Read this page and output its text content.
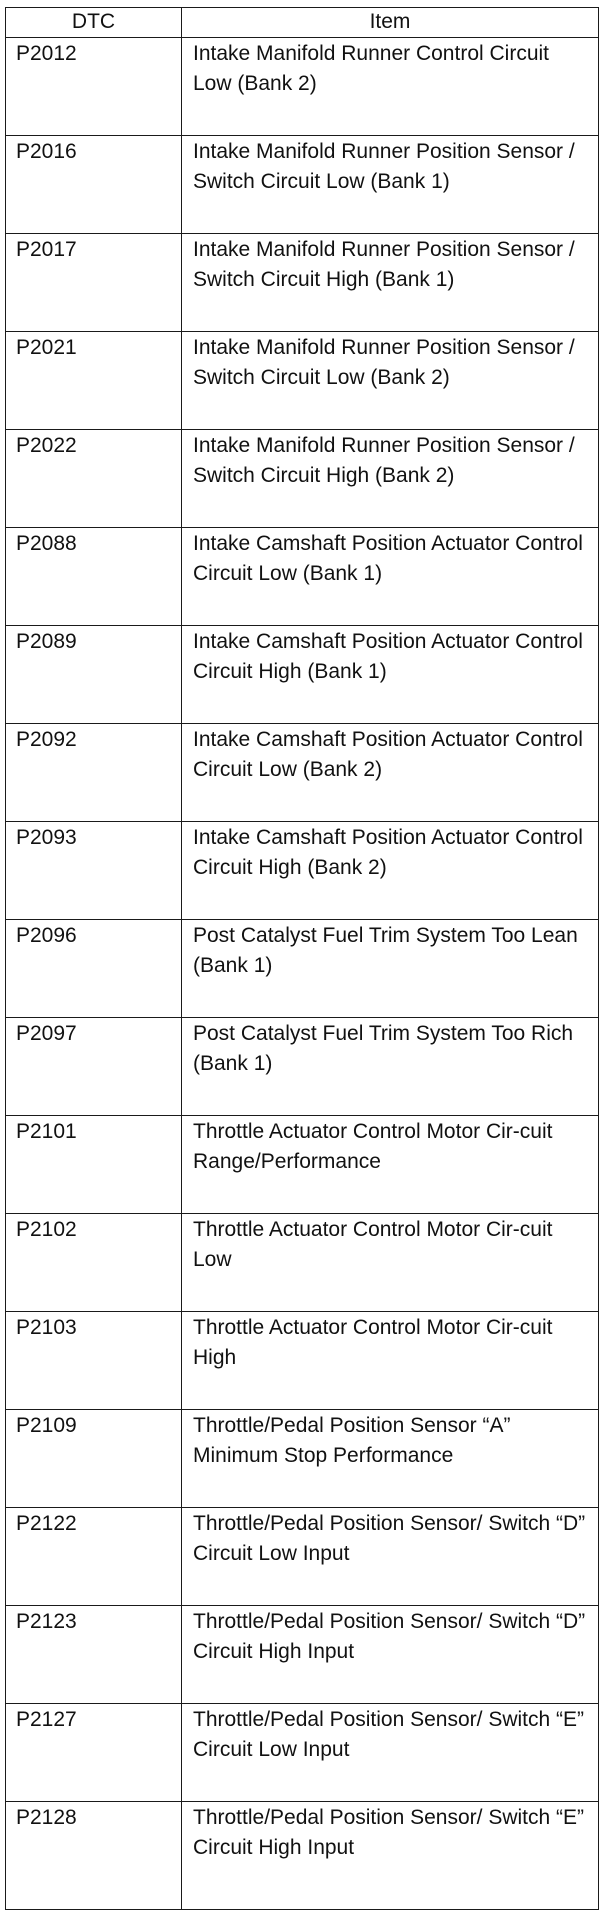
DTC	Item
P2012	Intake Manifold Runner Control Circuit Low (Bank 2)
P2016	Intake Manifold Runner Position Sensor / Switch Circuit Low (Bank 1)
P2017	Intake Manifold Runner Position Sensor / Switch Circuit High (Bank 1)
P2021	Intake Manifold Runner Position Sensor / Switch Circuit Low (Bank 2)
P2022	Intake Manifold Runner Position Sensor / Switch Circuit High (Bank 2)
P2088	Intake Camshaft Position Actuator Control Circuit Low (Bank 1)
P2089	Intake Camshaft Position Actuator Control Circuit High (Bank 1)
P2092	Intake Camshaft Position Actuator Control Circuit Low (Bank 2)
P2093	Intake Camshaft Position Actuator Control Circuit High (Bank 2)
P2096	Post Catalyst Fuel Trim System Too Lean (Bank 1)
P2097	Post Catalyst Fuel Trim System Too Rich (Bank 1)
P2101	Throttle Actuator Control Motor Cir-cuit Range/Performance
P2102	Throttle Actuator Control Motor Cir-cuit Low
P2103	Throttle Actuator Control Motor Cir-cuit High
P2109	Throttle/Pedal Position Sensor “A” Minimum Stop Performance
P2122	Throttle/Pedal Position Sensor/ Switch “D” Circuit Low Input
P2123	Throttle/Pedal Position Sensor/ Switch “D” Circuit High Input
P2127	Throttle/Pedal Position Sensor/ Switch “E” Circuit Low Input
P2128	Throttle/Pedal Position Sensor/ Switch “E” Circuit High Input
